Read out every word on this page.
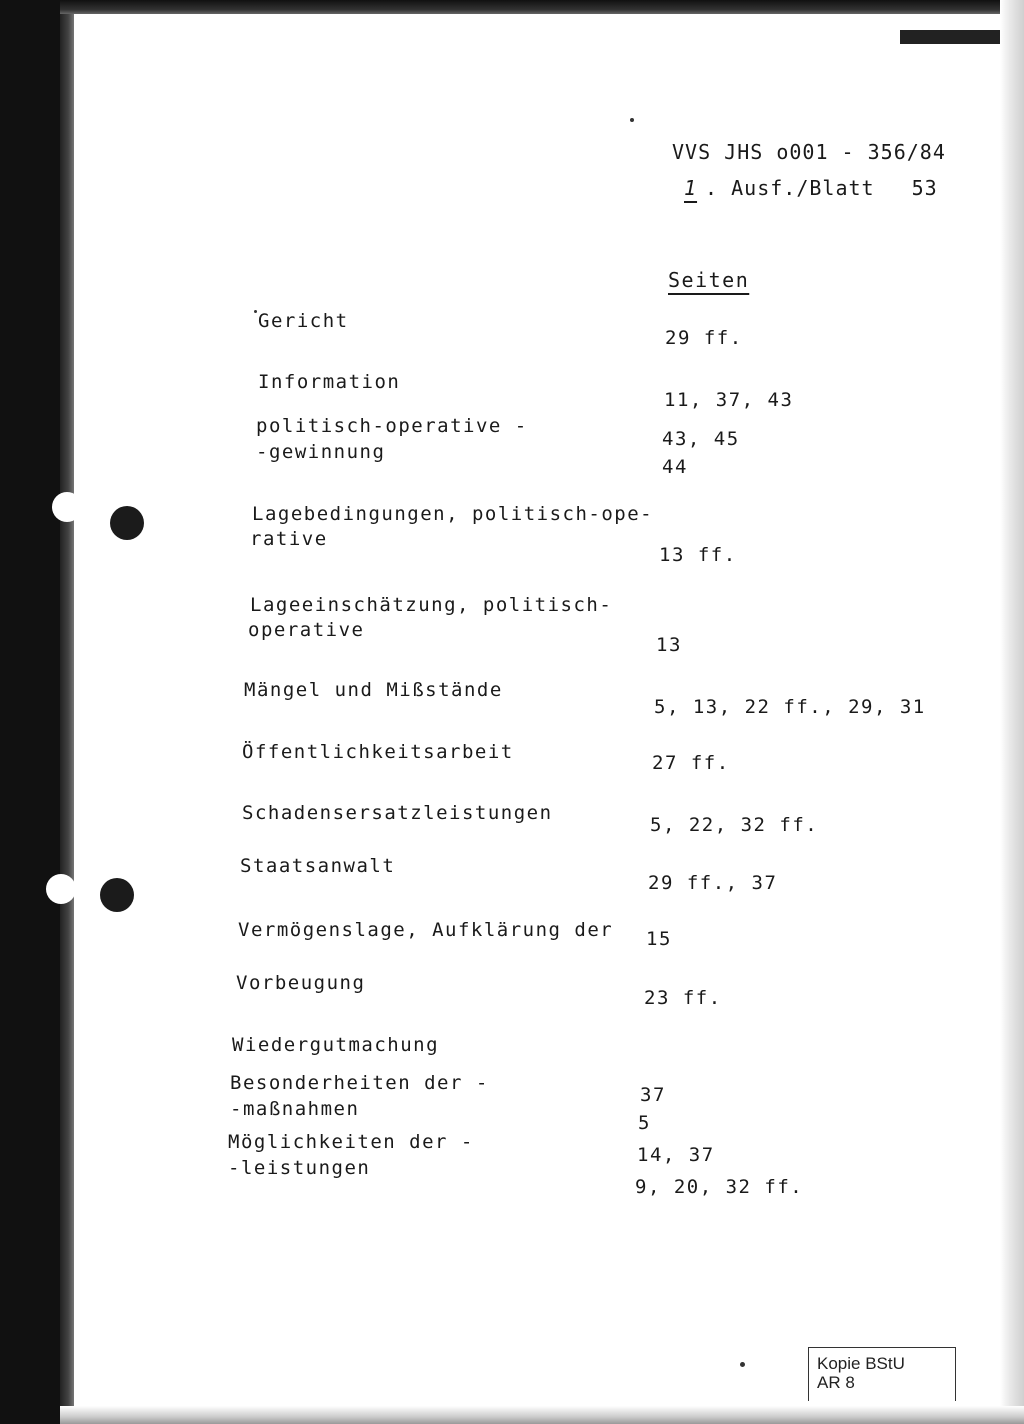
VVS JHS o001 - 356/84

1 . Ausf./Blatt 53

Seiten

Gericht

Information

politisch-operative -

-gewinnung

Lagebedingungen, politisch-ope-

rative

Lageeinschätzung, politisch-

operative

Mängel und Mißstände

Öffentlichkeitsarbeit

Schadensersatzleistungen

Staatsanwalt

Vermögenslage, Aufklärung der

Vorbeugung

Wiedergutmachung

Besonderheiten der -

-maßnahmen

Möglichkeiten der -

-leistungen

29 ff.

11, 37, 43

43, 45

44

13 ff.

13

5, 13, 22 ff., 29, 31

27 ff.

5, 22, 32 ff.

29 ff., 37

15

23 ff.

37

5

14, 37

9, 20, 32 ff.

Kopie BStU
AR 8
